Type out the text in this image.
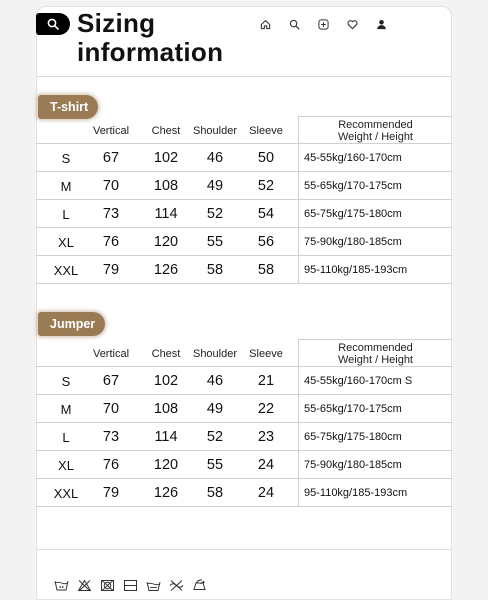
Sizing
information
T-shirt
Vertical Chest Shoulder Sleeve	Recommended
Weight / Height
S 67 102 46 50	45-55kg/160-170cm
M 70 108 49 52	55-65kg/170-175cm
L 73 114 52 54	65-75kg/175-180cm
XL 76 120 55 56	75-90kg/180-185cm
XXL 79 126 58 58	95-110kg/185-193cm
Jumper
Vertical Chest Shoulder Sleeve	Recommended
Weight / Height
S 67 102 46 21	45-55kg/160-170cm S
M 70 108 49 22	55-65kg/170-175cm
L 73 114 52 23	65-75kg/175-180cm
XL 76 120 55 24	75-90kg/180-185cm
XXL 79 126 58 24	95-110kg/185-193cm
